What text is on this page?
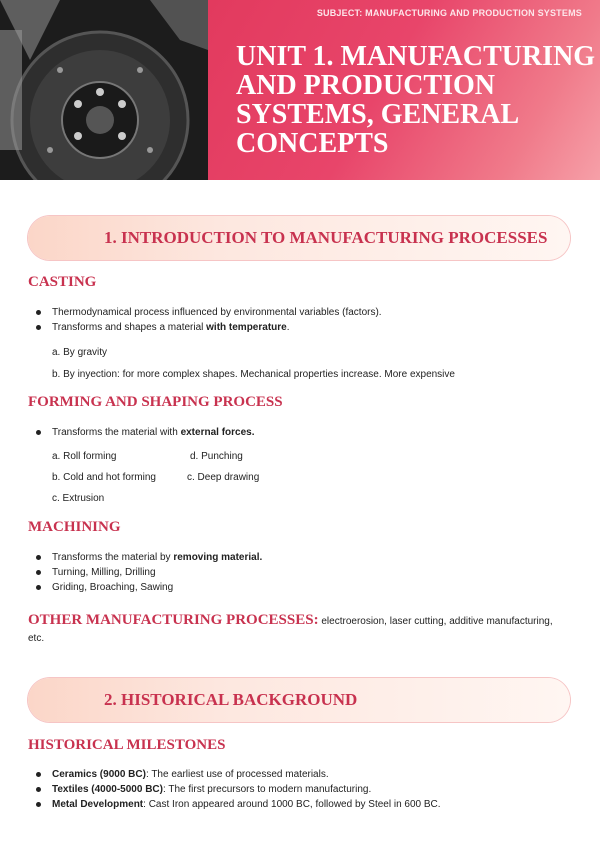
SUBJECT: MANUFACTURING AND PRODUCTION SYSTEMS
UNIT 1. MANUFACTURING AND PRODUCTION SYSTEMS, GENERAL CONCEPTS
1. INTRODUCTION TO MANUFACTURING PROCESSES
CASTING
Thermodynamical process influenced by environmental variables (factors).
Transforms and shapes a material with temperature.
a. By gravity
b. By inyection: for more complex shapes. Mechanical properties increase. More expensive
FORMING AND SHAPING PROCESS
Transforms the material with external forces.
a. Roll forming	d. Punching
b. Cold and hot forming	c. Deep drawing
c. Extrusion
MACHINING
Transforms the material by removing material.
Turning, Milling, Drilling
Griding, Broaching, Sawing
OTHER MANUFACTURING PROCESSES: electroerosion, laser cutting, additive manufacturing, etc.
2. HISTORICAL BACKGROUND
HISTORICAL MILESTONES
Ceramics (9000 BC): The earliest use of processed materials.
Textiles (4000-5000 BC): The first precursors to modern manufacturing.
Metal Development: Cast Iron appeared around 1000 BC, followed by Steel in 600 BC.
